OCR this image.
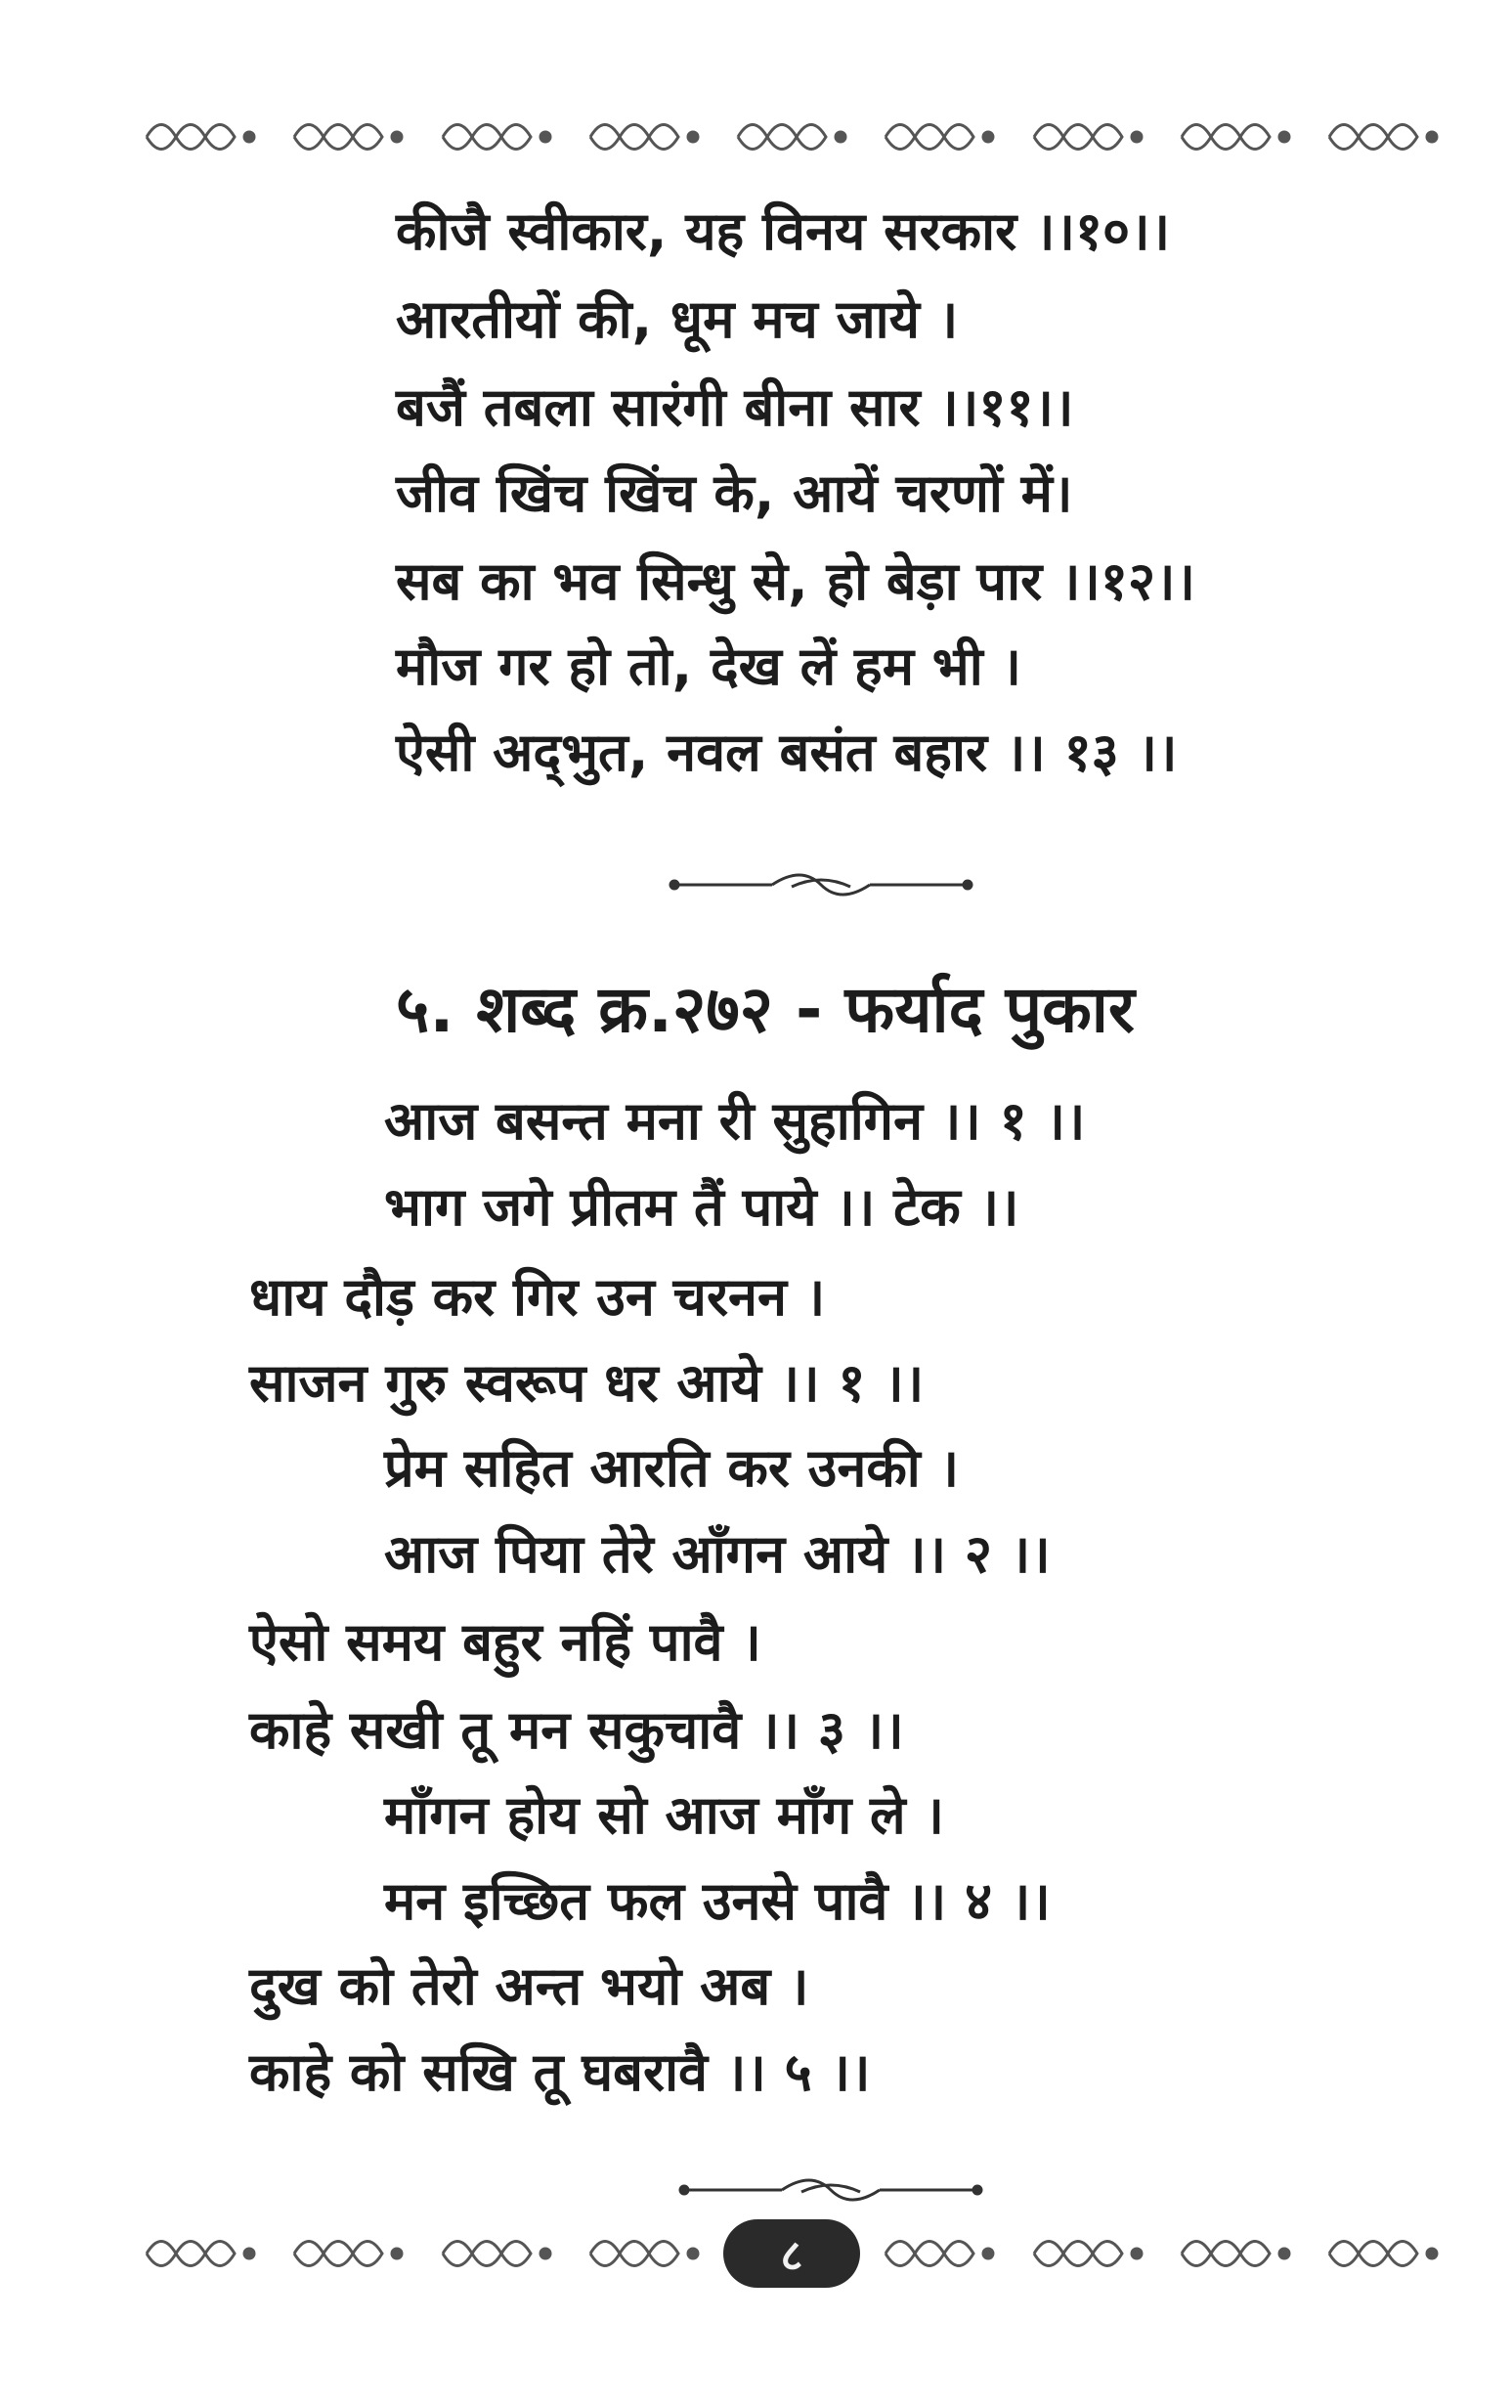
कीजै स्वीकार, यह विनय सरकार ।।१०।।
आरतीयों की, धूम मच जाये ।
बजैं तबला सारंगी बीना सार ।।११।।
जीव खिंच खिंच के, आयें चरणों में।
सब का भव सिन्धु से, हो बेड़ा पार ।।१२।।
मौज गर हो तो, देख लें हम भी ।
ऐसी अद्‌भुत, नवल बसंत बहार ।। १३ ।।
५. शब्द क्र.२७२ - फर्याद पुकार
आज बसन्त मना री सुहागिन ।। १ ।।
भाग जगे प्रीतम तैं पाये ।। टेक ।।
धाय दौड़ कर गिर उन चरनन ।
साजन गुरु स्वरूप धर आये ।। १ ।।
प्रेम सहित आरति कर उनकी ।
आज पिया तेरे आँगन आये ।। २ ।।
ऐसो समय बहुर नहिं पावै ।
काहे सखी तू मन सकुचावै ।। ३ ।।
माँगन होय सो आज माँग ले ।
मन इच्छित फल उनसे पावै ।। ४ ।।
दुख को तेरो अन्त भयो अब ।
काहे को सखि तू घबरावै ।। ५ ।।
८
